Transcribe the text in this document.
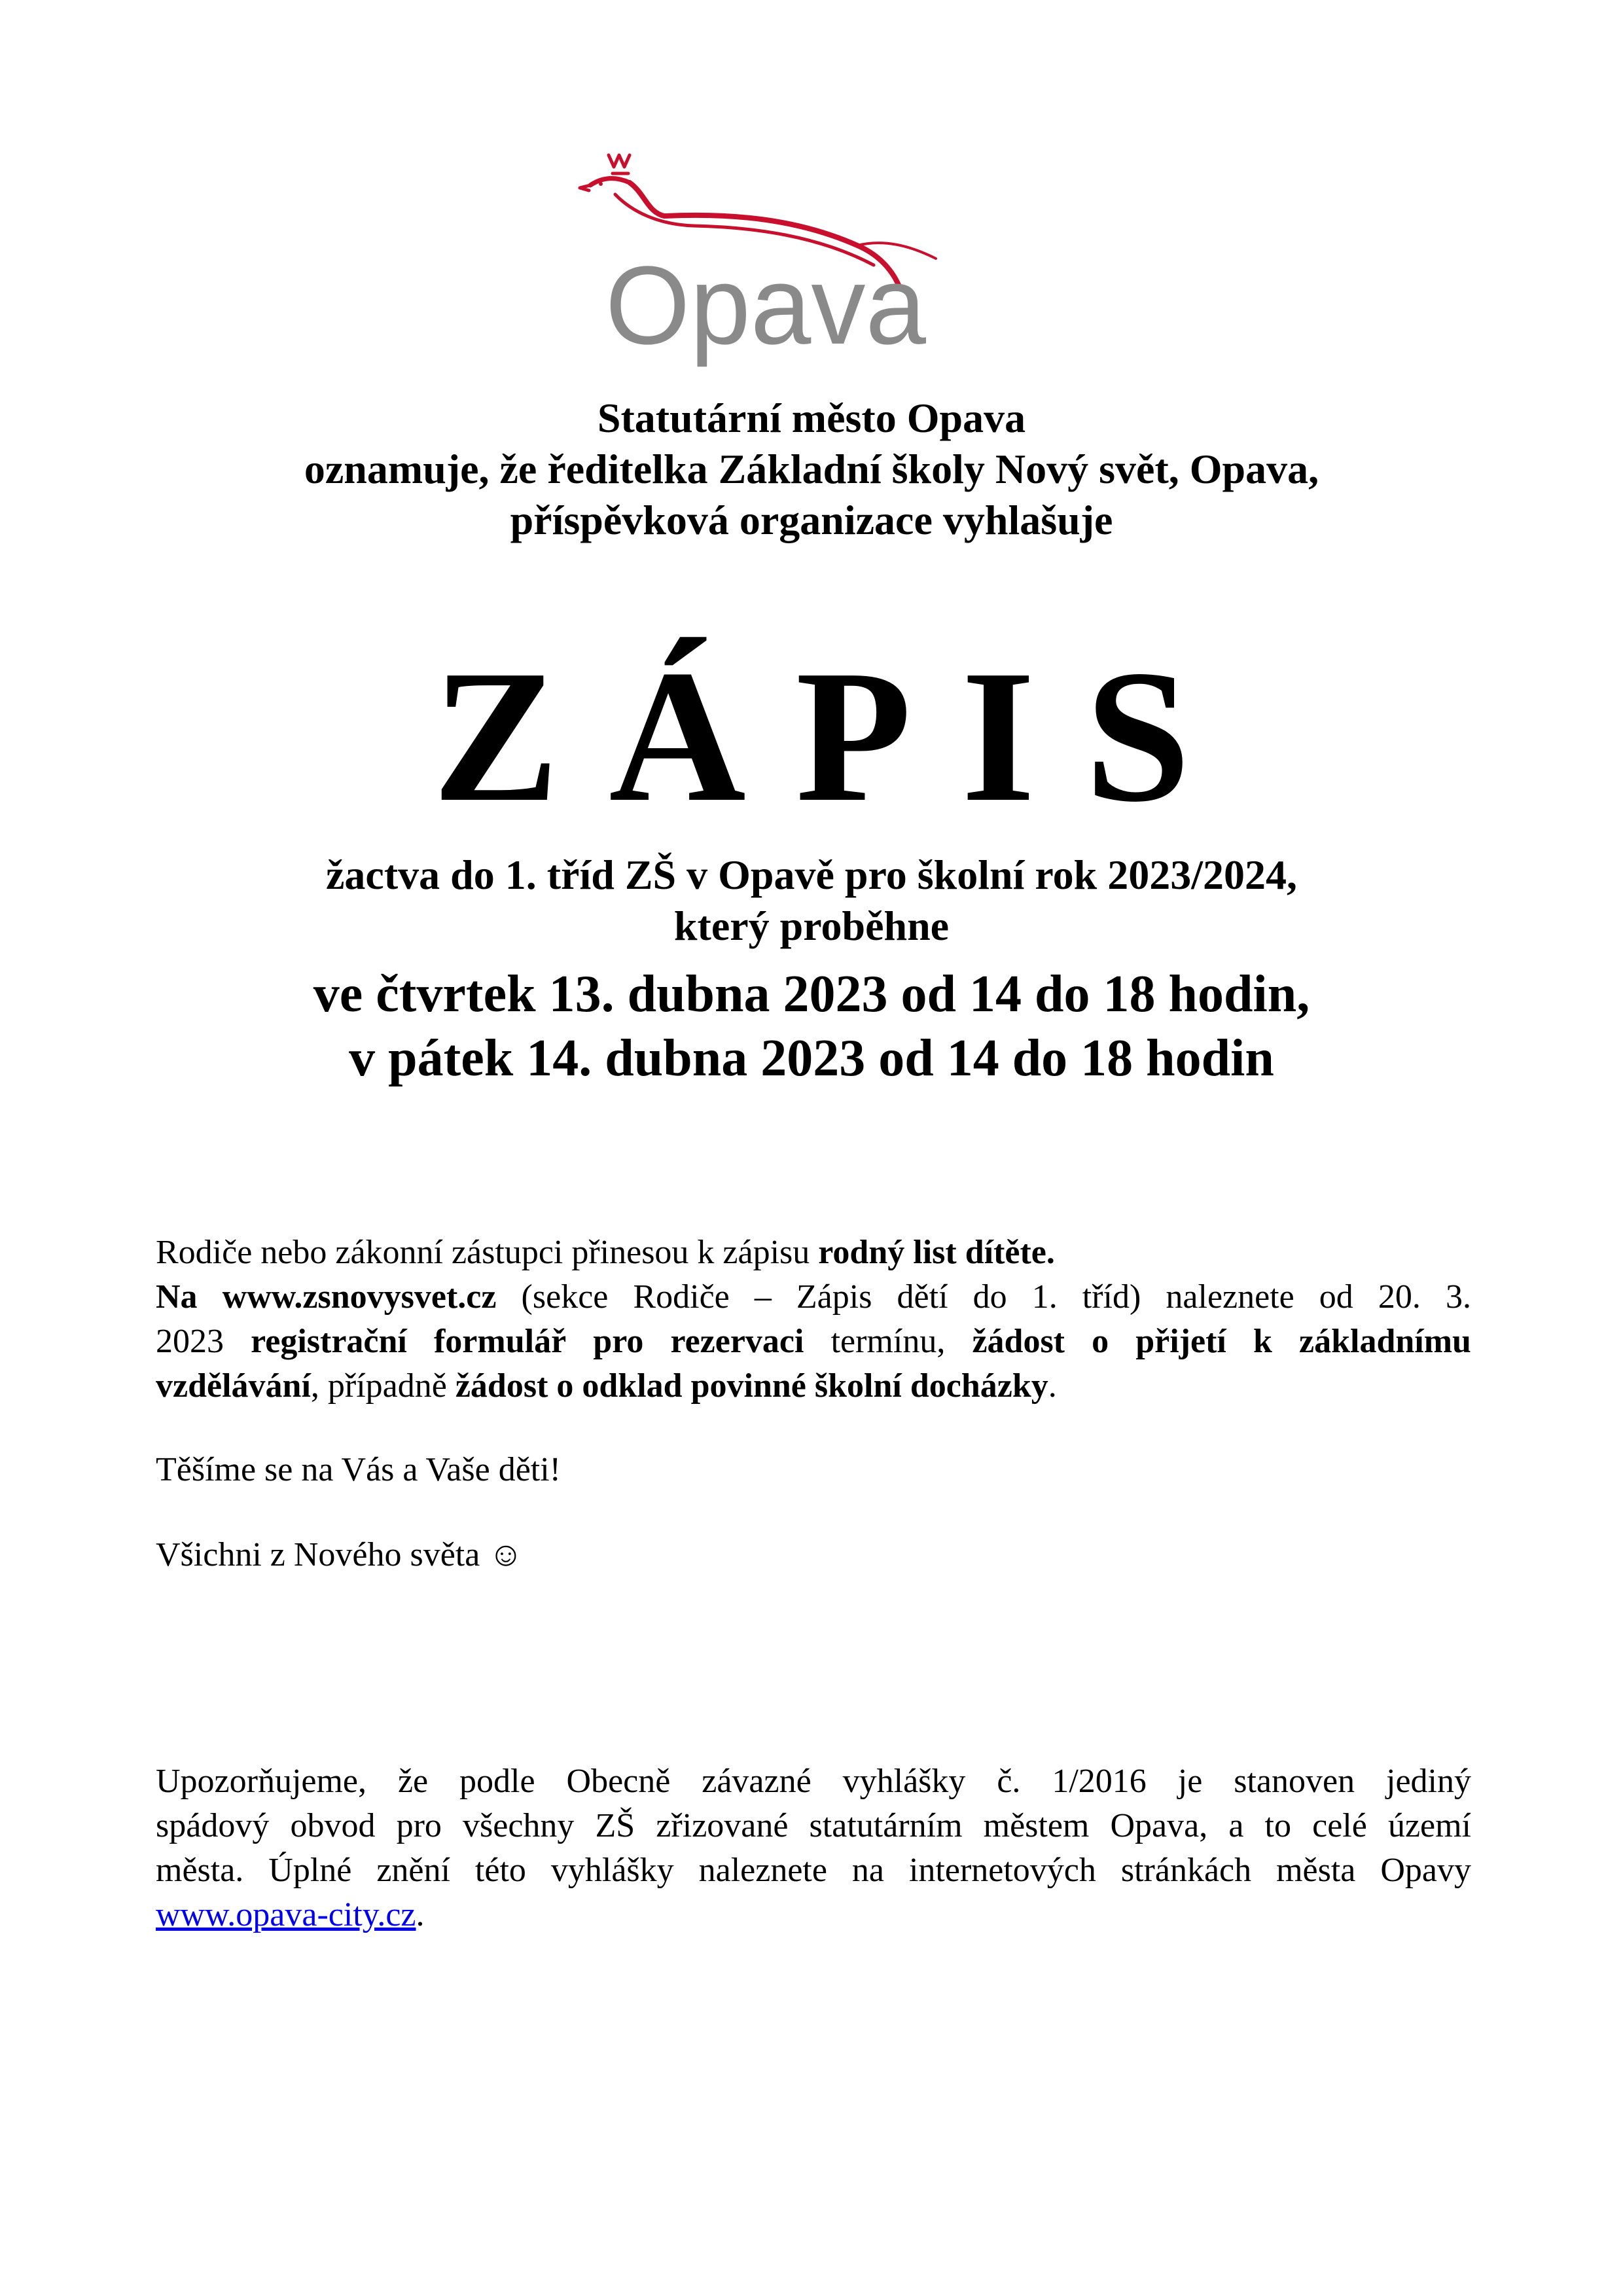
Opava
Statutární město Opava
oznamuje, že ředitelka Základní školy Nový svět, Opava,
příspěvková organizace vyhlašuje
ZÁPIS
žactva do 1. tříd ZŠ v Opavě pro školní rok 2023/2024,
který proběhne
ve čtvrtek 13. dubna 2023 od 14 do 18 hodin,
v pátek 14. dubna 2023 od 14 do 18 hodin
Rodiče nebo zákonní zástupci přinesou k zápisu rodný list dítěte.
Na www.zsnovysvet.cz (sekce Rodiče – Zápis dětí do 1. tříd) naleznete od 20. 3.
2023 registrační formulář pro rezervaci termínu, žádost o přijetí k základnímu
vzdělávání, případně žádost o odklad povinné školní docházky.
Těšíme se na Vás a Vaše děti!
Všichni z Nového světa ☺
Upozorňujeme, že podle Obecně závazné vyhlášky č. 1/2016 je stanoven jediný
spádový obvod pro všechny ZŠ zřizované statutárním městem Opava, a to celé území
města. Úplné znění této vyhlášky naleznete na internetových stránkách města Opavy
www.opava-city.cz.
